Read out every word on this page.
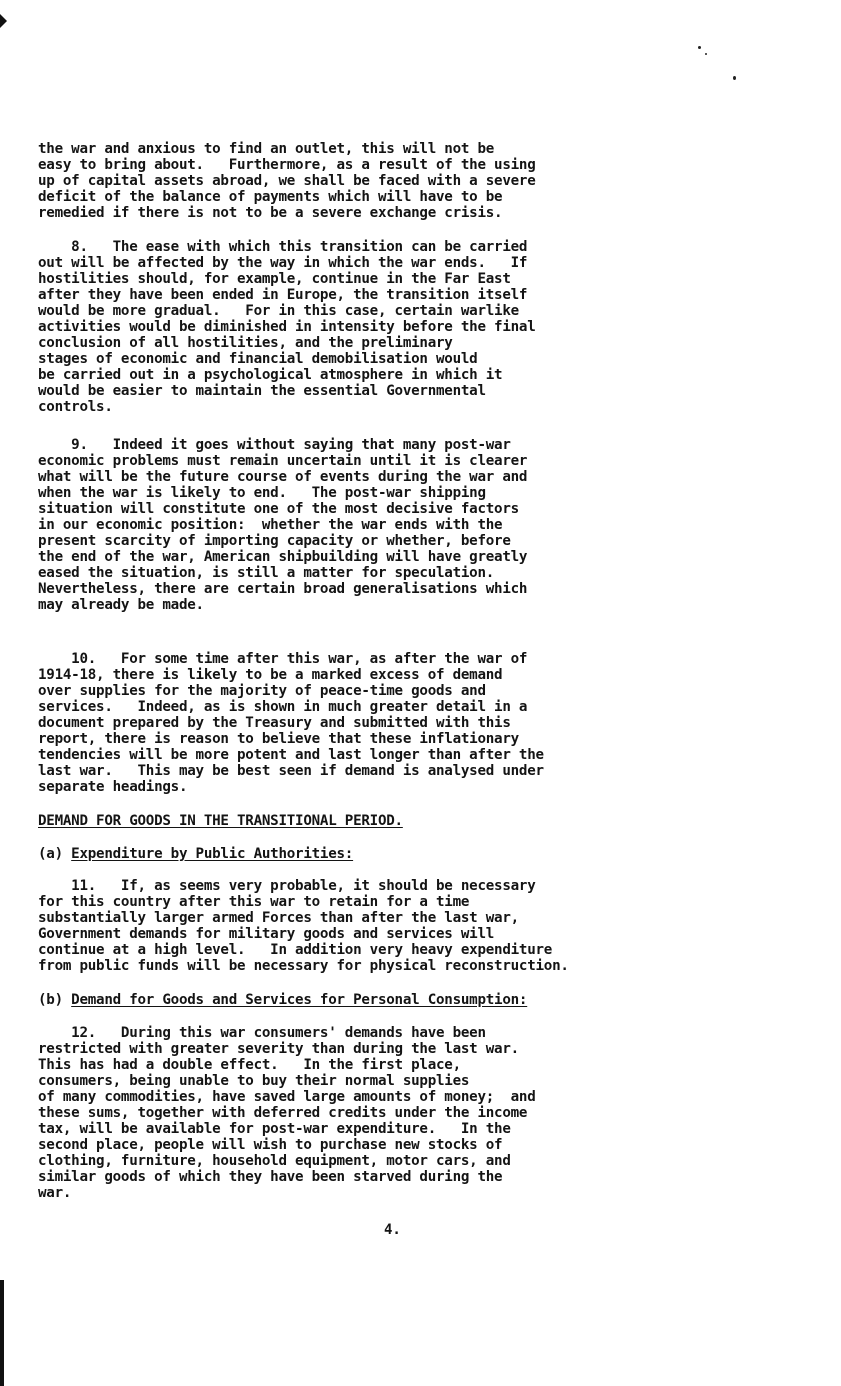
the war and anxious to find an outlet, this will not be
easy to bring about.   Furthermore, as a result of the using
up of capital assets abroad, we shall be faced with a severe
deficit of the balance of payments which will have to be
remedied if there is not to be a severe exchange crisis.
8.   The ease with which this transition can be carried
out will be affected by the way in which the war ends.   If
hostilities should, for example, continue in the Far East
after they have been ended in Europe, the transition itself
would be more gradual.   For in this case, certain warlike
activities would be diminished in intensity before the final
conclusion of all hostilities, and the preliminary
stages of economic and financial demobilisation would
be carried out in a psychological atmosphere in which it
would be easier to maintain the essential Governmental
controls.
9.   Indeed it goes without saying that many post-war
economic problems must remain uncertain until it is clearer
what will be the future course of events during the war and
when the war is likely to end.   The post-war shipping
situation will constitute one of the most decisive factors
in our economic position:  whether the war ends with the
present scarcity of importing capacity or whether, before
the end of the war, American shipbuilding will have greatly
eased the situation, is still a matter for speculation.
Nevertheless, there are certain broad generalisations which
may already be made.
10.   For some time after this war, as after the war of
1914-18, there is likely to be a marked excess of demand
over supplies for the majority of peace-time goods and
services.   Indeed, as is shown in much greater detail in a
document prepared by the Treasury and submitted with this
report, there is reason to believe that these inflationary
tendencies will be more potent and last longer than after the
last war.   This may be best seen if demand is analysed under
separate headings.
DEMAND FOR GOODS IN THE TRANSITIONAL PERIOD.
(a) Expenditure by Public Authorities:
11.   If, as seems very probable, it should be necessary
for this country after this war to retain for a time
substantially larger armed Forces than after the last war,
Government demands for military goods and services will
continue at a high level.   In addition very heavy expenditure
from public funds will be necessary for physical reconstruction.
(b) Demand for Goods and Services for Personal Consumption:
12.   During this war consumers' demands have been
restricted with greater severity than during the last war.
This has had a double effect.   In the first place,
consumers, being unable to buy their normal supplies
of many commodities, have saved large amounts of money;  and
these sums, together with deferred credits under the income
tax, will be available for post-war expenditure.   In the
second place, people will wish to purchase new stocks of
clothing, furniture, household equipment, motor cars, and
similar goods of which they have been starved during the
war.
4.
